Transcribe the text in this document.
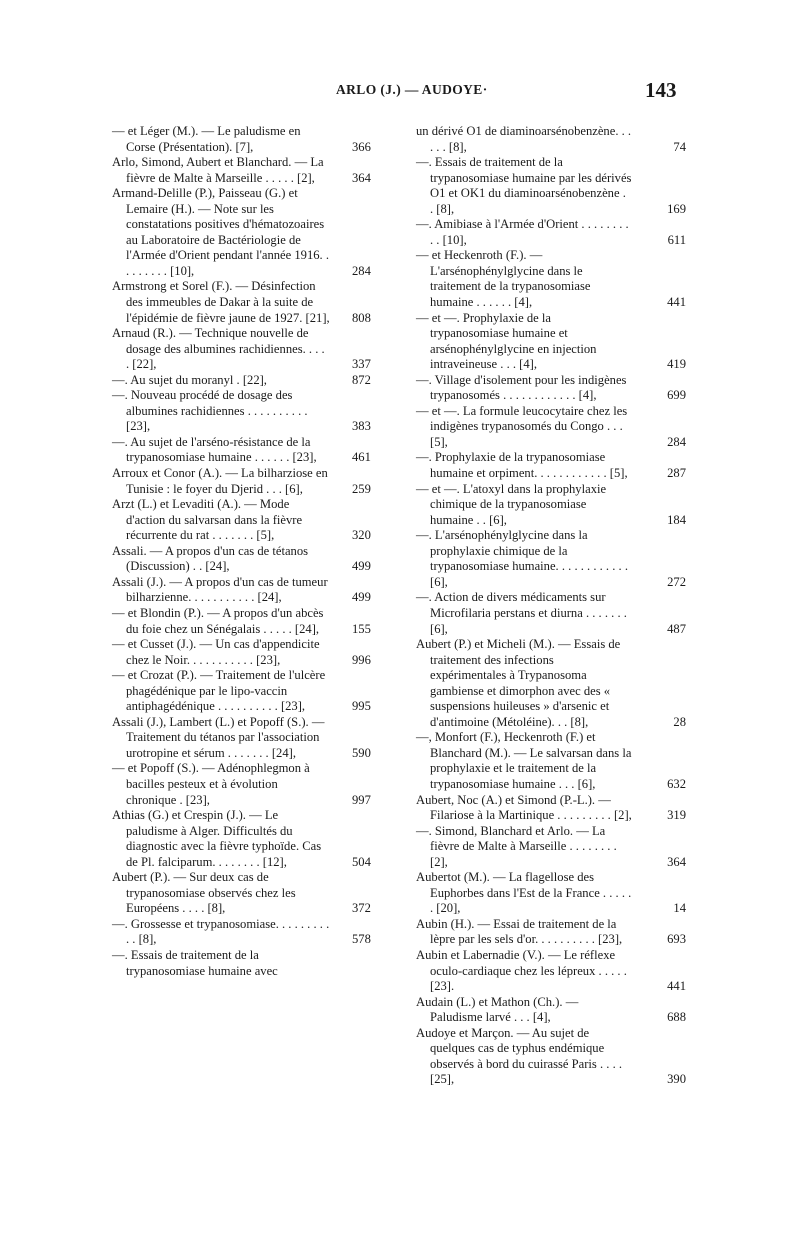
ARLO (J.) — AUDOYE·	143
— et Léger (M.). — Le paludisme en Corse (Présentation). [7],	366
Arlo, Simond, Aubert et Blanchard. — La fièvre de Malte à Marseille . . . . . [2],	364
Armand-Delille (P.), Paisseau (G.) et Lemaire (H.). — Note sur les constatations positives d'hématozoaires au Laboratoire de Bactériologie de l'Armée d'Orient pendant l'année 1916. . . . . . . . . [10],	284
Armstrong et Sorel (F.). — Désinfection des immeubles de Dakar à la suite de l'épidémie de fièvre jaune de 1927. [21], 808
Arnaud (R.). — Technique nouvelle de dosage des albumines rachidiennes. . . . . [22],	337
—. Au sujet du moranyl . [22],	872
—. Nouveau procédé de dosage des albumines rachidiennes . . . . . . . . . . [23],	383
—. Au sujet de l'arséno-résistance de la trypanosomiase humaine . . . . . . [23],	461
Arroux et Conor (A.). — La bilharziose en Tunisie : le foyer du Djerid . . . [6],	259
Arzt (L.) et Levaditi (A.). — Mode d'action du salvarsan dans la fièvre récurrente du rat . . . . . . . [5],	320
Assali. — A propos d'un cas de tétanos (Discussion) . . [24],	499
Assali (J.). — A propos d'un cas de tumeur bilharzienne. . . . . . . . . . . [24],	499
— et Blondin (P.). — A propos d'un abcès du foie chez un Sénégalais . . . . . [24],	155
— et Cusset (J.). — Un cas d'appendicite chez le Noir. . . . . . . . . . . [23],	996
— et Crozat (P.). — Traitement de l'ulcère phagédénique par le lipo-vaccin antiphagédénique . . . . . . . . . . [23],	995
Assali (J.), Lambert (L.) et Popoff (S.). — Traitement du tétanos par l'association urotropine et sérum . . . . . . . [24],	590
— et Popoff (S.). — Adénophlegmon à bacilles pesteux et à évolution chronique . [23],	997
Athias (G.) et Crespin (J.). — Le paludisme à Alger. Difficultés du diagnostic avec la fièvre typhoïde. Cas de Pl. falciparum. . . . . . . . [12],	504
Aubert (P.). — Sur deux cas de trypanosomiase observés chez les Européens . . . . [8],	372
—. Grossesse et trypanosomiase. . . . . . . . . . . [8],	578
—. Essais de traitement de la trypanosomiase humaine avec
un dérivé O1 de diaminoarsénobenzène. . . . . . [8],	74
—. Essais de traitement de la trypanosomiase humaine par les dérivés O1 et OK1 du diaminoarsénobenzène . . [8],	169
—. Amibiase à l'Armée d'Orient . . . . . . . . . . [10],	611
— et Heckenroth (F.). — L'arsénophénylglycine dans le traitement de la trypanosomiase humaine . . . . . . [4],	441
— et —. Prophylaxie de la trypanosomiase humaine et arsénophénylglycine en injection intraveineuse . . . [4],	419
—. Village d'isolement pour les indigènes trypanosomés . . . . . . . . . . . . [4],	699
— et —. La formule leucocytaire chez les indigènes trypanosomés du Congo . . . [5],	284
—. Prophylaxie de la trypanosomiase humaine et orpiment. . . . . . . . . . . . [5],	287
— et —. L'atoxyl dans la prophylaxie chimique de la trypanosomiase humaine . . [6],	184
—. L'arsénophénylglycine dans la prophylaxie chimique de la trypanosomiase humaine. . . . . . . . . . . . [6],	272
—. Action de divers médicaments sur Microfilaria perstans et diurna . . . . . . . [6],	487
Aubert (P.) et Micheli (M.). — Essais de traitement des infections expérimentales à Trypanosoma gambiense et dimorphon avec des « suspensions huileuses » d'arsenic et d'antimoine (Métoléine). . . [8],	28
—, Monfort (F.), Heckenroth (F.) et Blanchard (M.). — Le salvarsan dans la prophylaxie et le traitement de la trypanosomiase humaine . . . [6],	632
Aubert, Noc (A.) et Simond (P.-L.). — Filariose à la Martinique . . . . . . . . . [2],	319
—. Simond, Blanchard et Arlo. — La fièvre de Malte à Marseille . . . . . . . . [2],	364
Aubertot (M.). — La flagellose des Euphorbes dans l'Est de la France . . . . . . [20],	14
Aubin (H.). — Essai de traitement de la lèpre par les sels d'or. . . . . . . . . . [23],	693
Aubin et Labernadie (V.). — Le réflexe oculo-cardiaque chez les lépreux . . . . . [23].	441
Audain (L.) et Mathon (Ch.). — Paludisme larvé . . . [4],	688
Audoye et Marçon. — Au sujet de quelques cas de typhus endémique observés à bord du cuirassé Paris . . . . [25],	390
